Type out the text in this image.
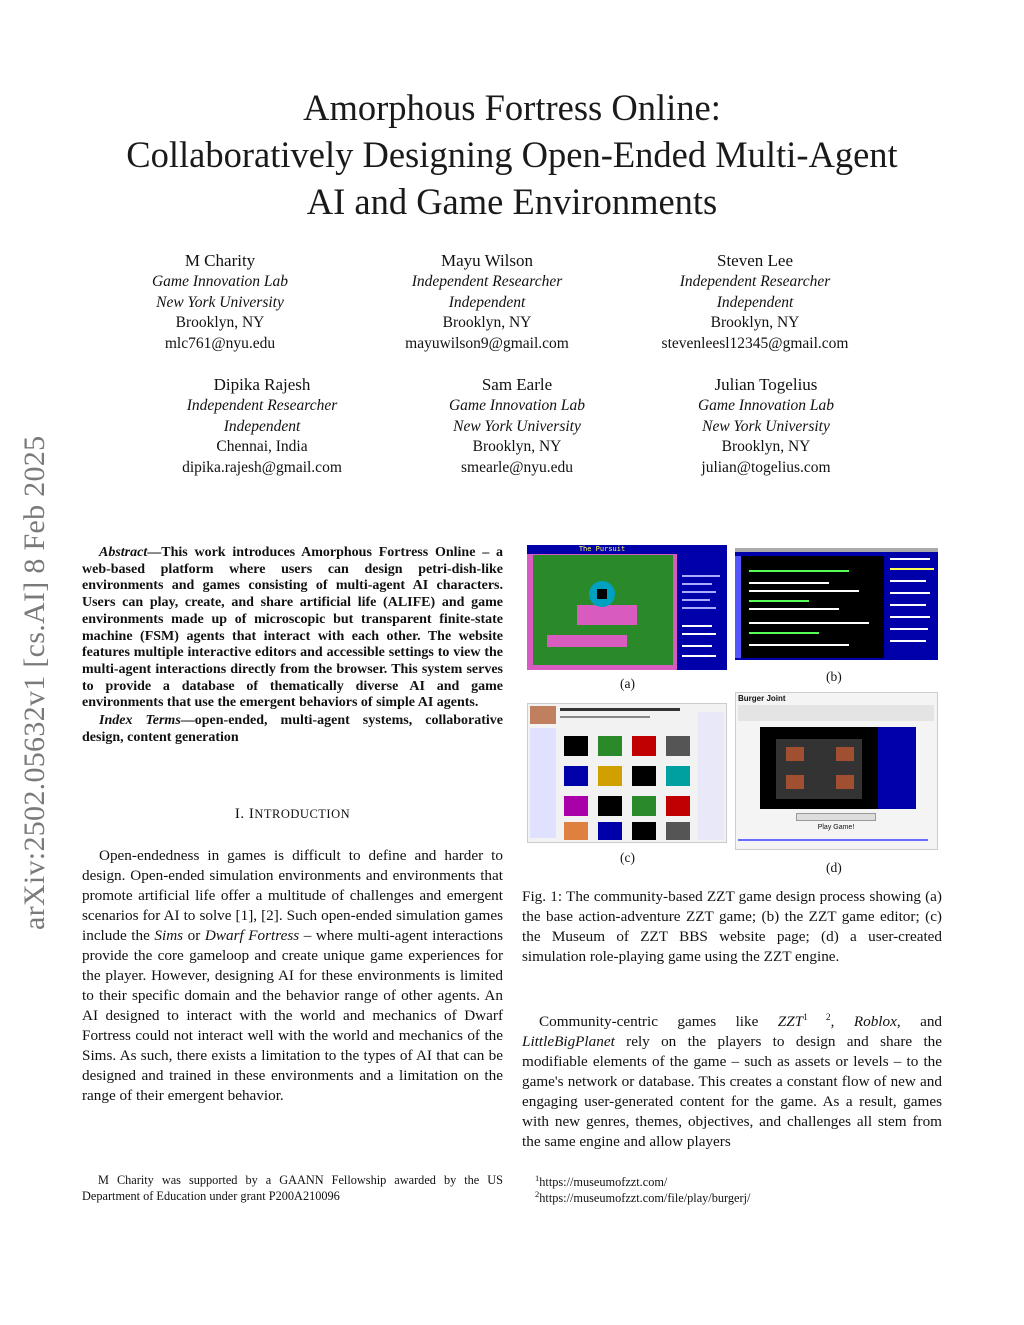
Amorphous Fortress Online:
Collaboratively Designing Open-Ended Multi-Agent
AI and Game Environments
M Charity
Game Innovation Lab
New York University
Brooklyn, NY
mlc761@nyu.edu
Mayu Wilson
Independent Researcher
Independent
Brooklyn, NY
mayuwilson9@gmail.com
Steven Lee
Independent Researcher
Independent
Brooklyn, NY
stevenleesl12345@gmail.com
Dipika Rajesh
Independent Researcher
Independent
Chennai, India
dipika.rajesh@gmail.com
Sam Earle
Game Innovation Lab
New York University
Brooklyn, NY
smearle@nyu.edu
Julian Togelius
Game Innovation Lab
New York University
Brooklyn, NY
julian@togelius.com
arXiv:2502.05632v1 [cs.AI] 8 Feb 2025	Abstract—This work introduces Amorphous Fortress Online – a web-based platform where users can design petri-dish-like environments and games consisting of multi-agent AI characters. Users can play, create, and share artificial life (ALIFE) and game environments made up of microscopic but transparent finite-state machine (FSM) agents that interact with each other. The website features multiple interactive editors and accessible settings to view the multi-agent interactions directly from the browser. This system serves to provide a database of thematically diverse AI and game environments that use the emergent behaviors of simple AI agents.
Index Terms—open-ended, multi-agent systems, collaborative design, content generation
I. INTRODUCTION
Open-endedness in games is difficult to define and harder to design. Open-ended simulation environments and environments that promote artificial life offer a multitude of challenges and emergent scenarios for AI to solve [1], [2]. Such open-ended simulation games include the Sims or Dwarf Fortress – where multi-agent interactions provide the core gameloop and create unique game experiences for the player. However, designing AI for these environments is limited to their specific domain and the behavior range of other agents. An AI designed to interact with the world and mechanics of Dwarf Fortress could not interact well with the world and mechanics of the Sims. As such, there exists a limitation to the types of AI that can be designed and trained in these environments and a limitation on the range of their emergent behavior.
M Charity was supported by a GAANN Fellowship awarded by the US Department of Education under grant P200A210096
The Pursuit
(a)	(b)
(c)
Burger Joint
Play Game!
(d)
Fig. 1: The community-based ZZT game design process showing (a) the base action-adventure ZZT game; (b) the ZZT game editor; (c) the Museum of ZZT BBS website page; (d) a user-created simulation role-playing game using the ZZT engine.
Community-centric games like $ZZT^{1 2}$, Roblox, and LittleBigPlanet rely on the players to design and share the modifiable elements of the game – such as assets or levels – to the game's network or database. This creates a constant flow of new and engaging user-generated content for the game. As a result, games with new genres, themes, objectives, and challenges all stem from the same engine and allow players
$^1$https://museumofzzt.com/
$^2$https://museumofzzt.com/file/play/burgerj/
